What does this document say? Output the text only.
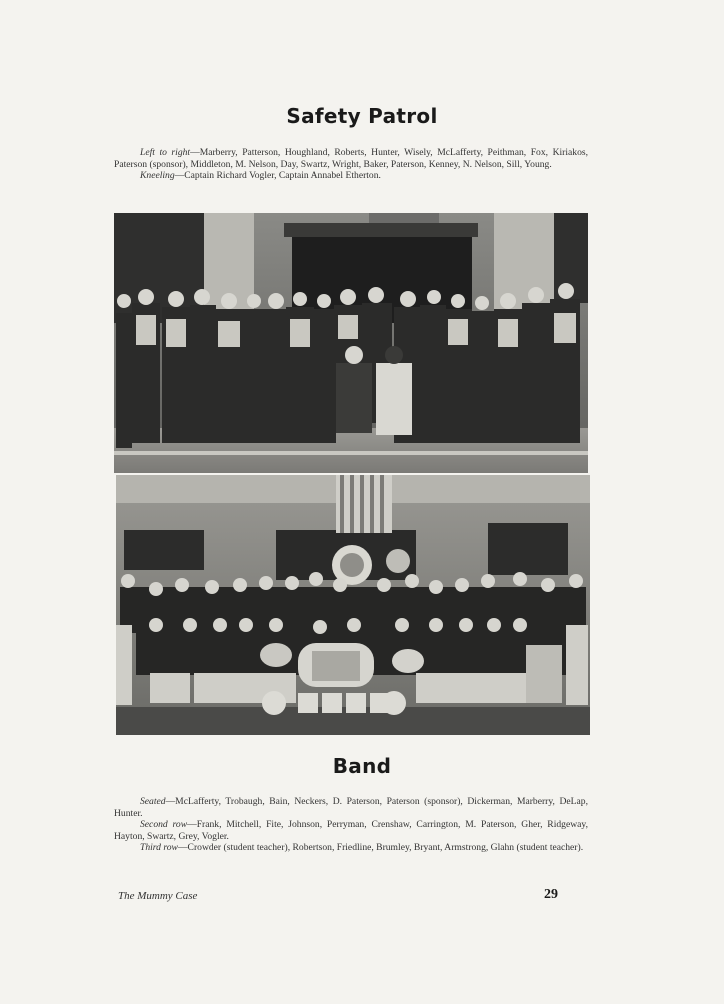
Safety Patrol

Left to right—Marberry, Patterson, Houghland, Roberts, Hunter, Wisely, McLafferty, Peithman, Fox, Kiriakos, Paterson (sponsor), Middleton, M. Nelson, Day, Swartz, Wright, Baker, Paterson, Kenney, N. Nelson, Sill, Young.

Kneeling—Captain Richard Vogler, Captain Annabel Etherton.

Band

Seated—McLafferty, Trobaugh, Bain, Neckers, D. Paterson, Paterson (sponsor), Dickerman, Marberry, DeLap, Hunter.

Second row—Frank, Mitchell, Fite, Johnson, Perryman, Crenshaw, Carrington, M. Paterson, Gher, Ridgeway, Hayton, Swartz, Grey, Vogler.

Third row—Crowder (student teacher), Robertson, Friedline, Brumley, Bryant, Armstrong, Glahn (student teacher).

The Mummy Case	29
